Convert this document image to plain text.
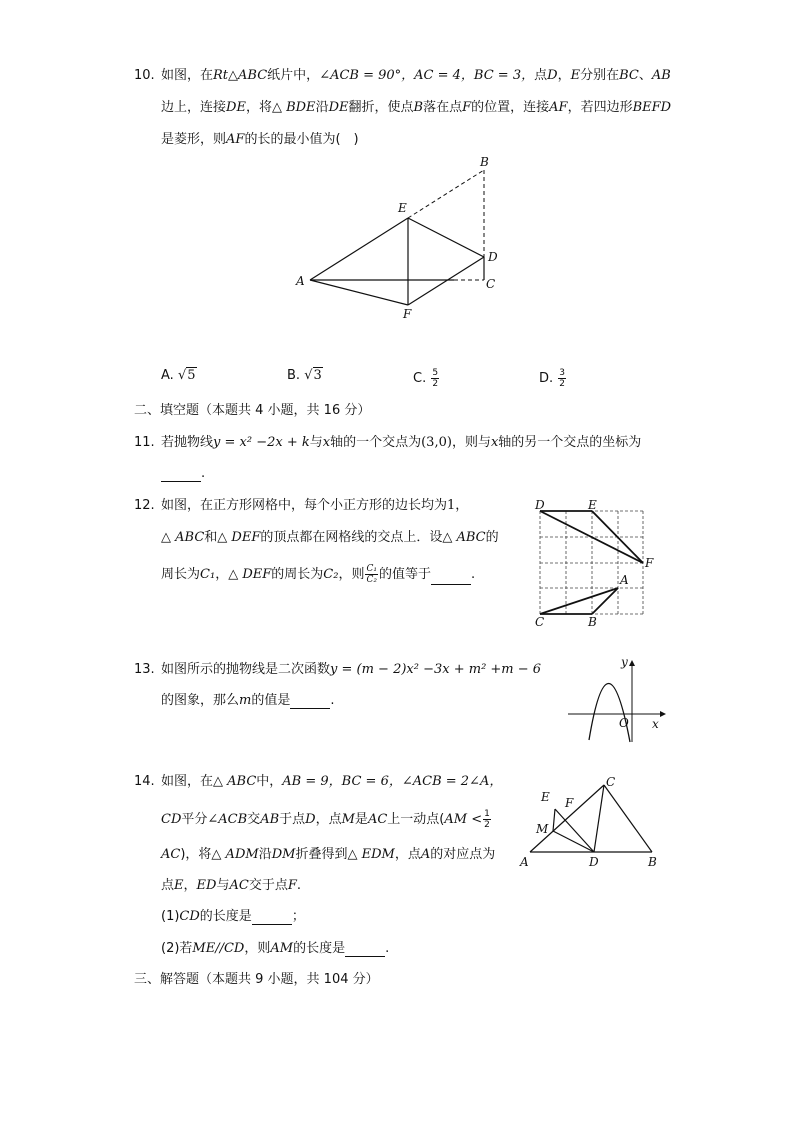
10. 如图，在Rt△ABC纸片中，∠ACB = 90°，AC = 4，BC = 3，点D，E分别在BC、AB
边上，连接DE，将△ BDE沿DE翻折，使点B落在点F的位置，连接AF，若四边形BEFD
是菱形，则AF的长的最小值为(　)
B
E
D
A	C
F
A. √5	B. √3	C. $\frac{5}{2}$	D. $\frac{3}{2}$
二、填空题（本题共 4 小题，共 16 分）
11. 若抛物线y = x² −2x + k与x轴的一个交点为(3,0)，则与x轴的另一个交点的坐标为
.
12. 如图，在正方形网格中，每个小正方形的边长均为1，
△ ABC和△ DEF的顶点都在网格线的交点上．设△ ABC的
周长为C₁，△ DEF的周长为C₂，则 $\frac{\text{C₁}}{\text{C₂}}$ 的值等于	.
D	E
F
A
C	B
13. 如图所示的抛物线是二次函数y = (m − 2)x² −3x + m² +m − 6
的图象，那么m的值是	.
y
O x
14. 如图，在△ ABC中，AB = 9，BC = 6，∠ACB = 2∠A，
CD平分∠ACB交AB于点D，点M是AC上一动点($AM < \frac{1}{2}$
AC)，将△ ADM沿DM折叠得到△ EDM，点A的对应点为
点E，ED与AC交于点F.
(1)CD的长度是	；
(2)若ME//CD，则AM的长度是	.
C
E F
M
A	D	B
三、解答题（本题共 9 小题，共 104 分）
